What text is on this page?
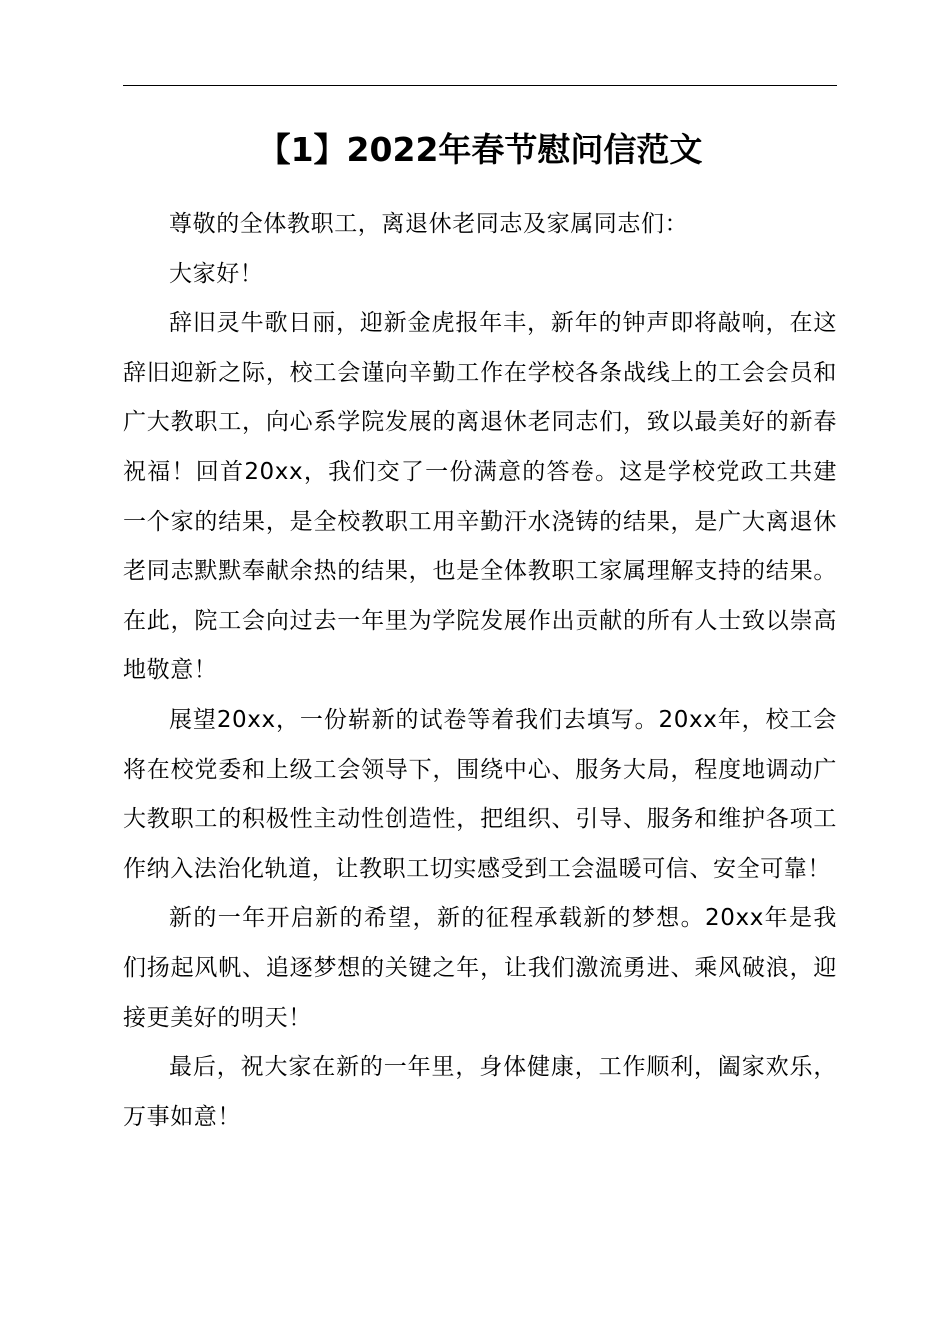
【1】2022年春节慰问信范文

尊敬的全体教职工，离退休老同志及家属同志们：

大家好！

辞旧灵牛歌日丽，迎新金虎报年丰，新年的钟声即将敲响，在这辞旧迎新之际，校工会谨向辛勤工作在学校各条战线上的工会会员和广大教职工，向心系学院发展的离退休老同志们，致以最美好的新春祝福！回首20xx，我们交了一份满意的答卷。这是学校党政工共建一个家的结果，是全校教职工用辛勤汗水浇铸的结果，是广大离退休老同志默默奉献余热的结果，也是全体教职工家属理解支持的结果。在此，院工会向过去一年里为学院发展作出贡献的所有人士致以崇高地敬意！

展望20xx，一份崭新的试卷等着我们去填写。20xx年，校工会将在校党委和上级工会领导下，围绕中心、服务大局，程度地调动广大教职工的积极性主动性创造性，把组织、引导、服务和维护各项工作纳入法治化轨道，让教职工切实感受到工会温暖可信、安全可靠！

新的一年开启新的希望，新的征程承载新的梦想。20xx年是我们扬起风帆、追逐梦想的关键之年，让我们激流勇进、乘风破浪，迎接更美好的明天！

最后，祝大家在新的一年里，身体健康，工作顺利，阖家欢乐，万事如意！
